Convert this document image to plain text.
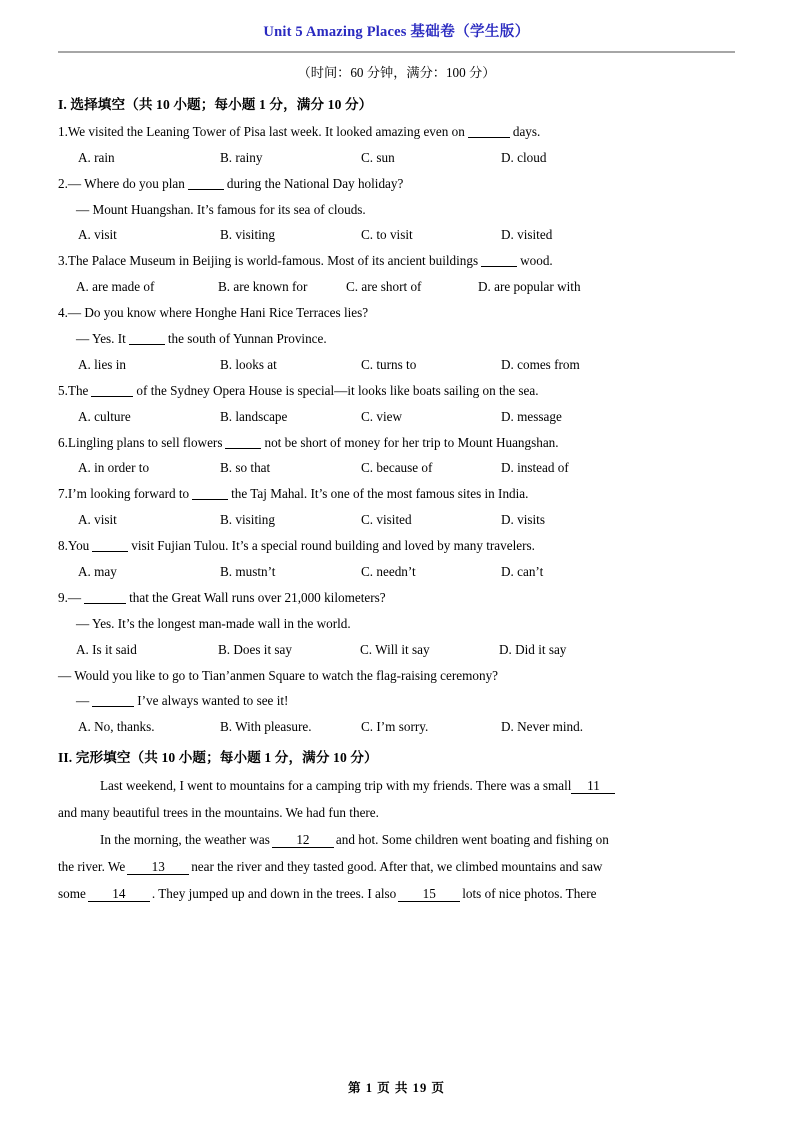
Unit 5 Amazing Places 基础卷（学生版）
（时间：60 分钟，满分：100 分）
I. 选择填空（共 10 小题；每小题 1 分，满分 10 分）
1.We visited the Leaning Tower of Pisa last week. It looked amazing even on	days.
A. rain	B. rainy	C. sun	D. cloud
2.— Where do you plan	during the National Day holiday?
— Mount Huangshan. It’s famous for its sea of clouds.
A. visit	B. visiting	C. to visit	D. visited
3.The Palace Museum in Beijing is world-famous. Most of its ancient buildings	wood.
A. are made of	B. are known for	C. are short of	D. are popular with
4.— Do you know where Honghe Hani Rice Terraces lies?
— Yes. It	the south of Yunnan Province.
A. lies in	B. looks at	C. turns to	D. comes from
5.The	of the Sydney Opera House is special—it looks like boats sailing on the sea.
A. culture	B. landscape	C. view	D. message
6.Lingling plans to sell flowers	not be short of money for her trip to Mount Huangshan.
A. in order to	B. so that	C. because of	D. instead of
7.I’m looking forward to	the Taj Mahal. It’s one of the most famous sites in India.
A. visit	B. visiting	C. visited	D. visits
8.You	visit Fujian Tulou. It’s a special round building and loved by many travelers.
A. may	B. mustn’t	C. needn’t	D. can’t
9.—	that the Great Wall runs over 21,000 kilometers?
— Yes. It’s the longest man-made wall in the world.
A. Is it said	B. Does it say	C. Will it say	D. Did it say
— Would you like to go to Tian’anmen Square to watch the flag-raising ceremony?
—	I’ve always wanted to see it!
A. No, thanks.	B. With pleasure.	C. I’m sorry.	D. Never mind.
II. 完形填空（共 10 小题；每小题 1 分，满分 10 分）
Last weekend, I went to mountains for a camping trip with my friends. There was a small 11
and many beautiful trees in the mountains. We had fun there.
In the morning, the weather was 12 and hot. Some children went boating and fishing on
the river. We 13 near the river and they tasted good. After that, we climbed mountains and saw
some 14 . They jumped up and down in the trees. I also 15 lots of nice photos. There
第 1 页 共 19 页
